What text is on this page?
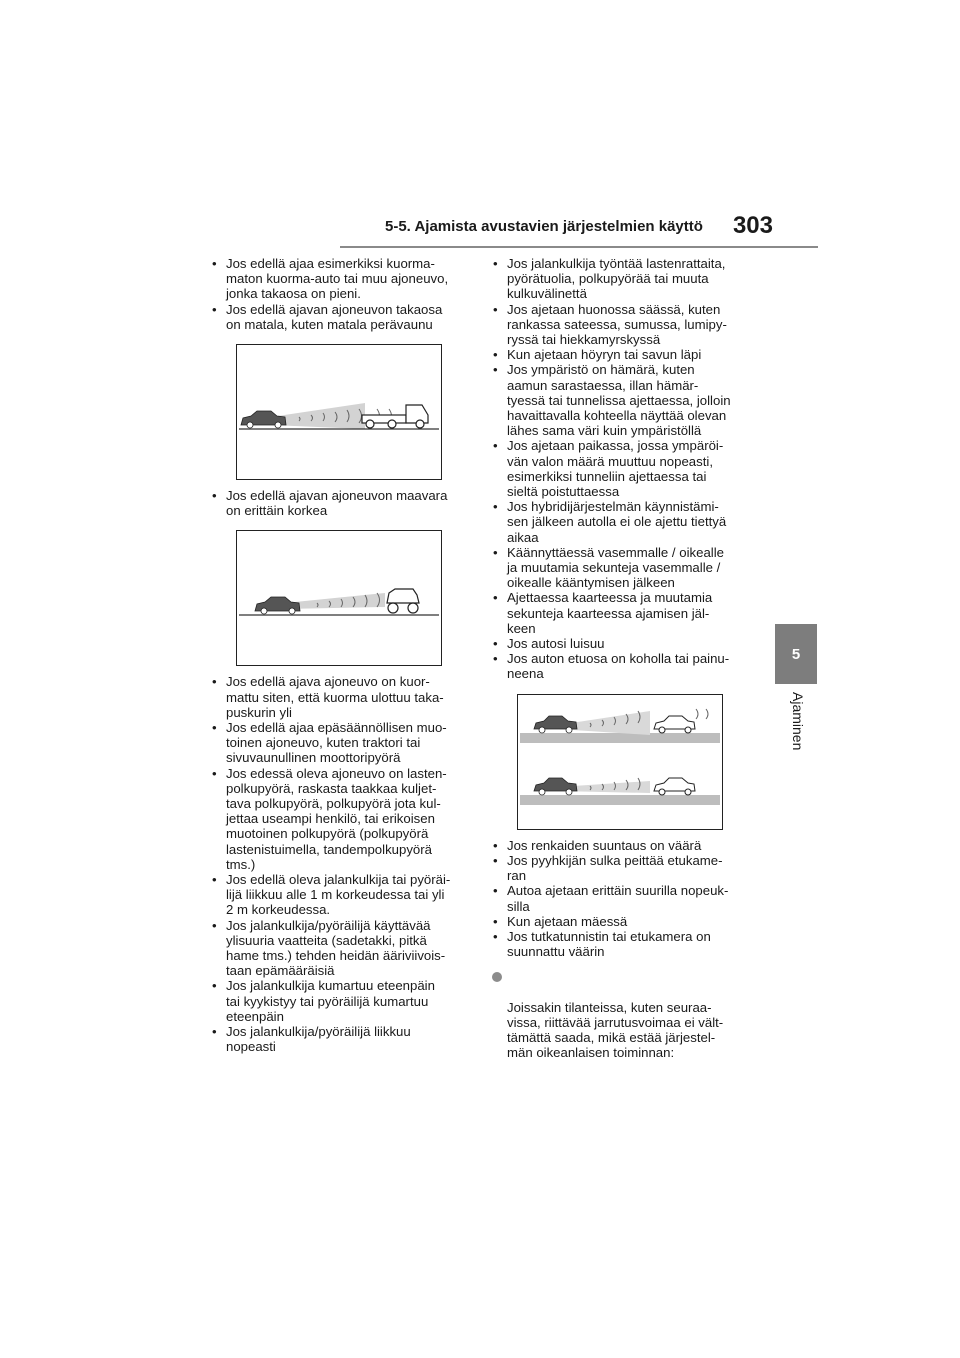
5-5. Ajamista avustavien järjestelmien käyttö 303
5
Ajaminen
• Jos edellä ajaa esimerkiksi kuorma-
maton kuorma-auto tai muu ajoneuvo,
jonka takaosa on pieni.
• Jos edellä ajavan ajoneuvon takaosa
on matala, kuten matala perävaunu
• Jos edellä ajavan ajoneuvon maavara
on erittäin korkea
• Jos edellä ajava ajoneuvo on kuor-
mattu siten, että kuorma ulottuu taka-
puskurin yli
• Jos edellä ajaa epäsäännöllisen muo-
toinen ajoneuvo, kuten traktori tai
sivuvaunullinen moottoripyörä
• Jos edessä oleva ajoneuvo on lasten-
polkupyörä, raskasta taakkaa kuljet-
tava polkupyörä, polkupyörä jota kul-
jettaa useampi henkilö, tai erikoisen
muotoinen polkupyörä (polkupyörä
lastenistuimella, tandempolkupyörä
tms.)
• Jos edellä oleva jalankulkija tai pyöräi-
lijä liikkuu alle 1 m korkeudessa tai yli
2 m korkeudessa.
• Jos jalankulkija/pyöräilijä käyttävää
ylisuuria vaatteita (sadetakki, pitkä
hame tms.) tehden heidän ääriviivois-
taan epämääräisiä
• Jos jalankulkija kumartuu eteenpäin
tai kyykistyy tai pyöräilijä kumartuu
eteenpäin
• Jos jalankulkija/pyöräilijä liikkuu
nopeasti
• Jos jalankulkija työntää lastenrattaita,
pyörätuolia, polkupyörää tai muuta
kulkuvälinettä
• Jos ajetaan huonossa säässä, kuten
rankassa sateessa, sumussa, lumipy-
ryssä tai hiekkamyrskyssä
• Kun ajetaan höyryn tai savun läpi
• Jos ympäristö on hämärä, kuten
aamun sarastaessa, illan hämär-
tyessä tai tunnelissa ajettaessa, jolloin
havaittavalla kohteella näyttää olevan
lähes sama väri kuin ympäristöllä
• Jos ajetaan paikassa, jossa ympäröi-
vän valon määrä muuttuu nopeasti,
esimerkiksi tunneliin ajettaessa tai
sieltä poistuttaessa
• Jos hybridijärjestelmän käynnistämi-
sen jälkeen autolla ei ole ajettu tiettyä
aikaa
• Käännyttäessä vasemmalle / oikealle
ja muutamia sekunteja vasemmalle /
oikealle kääntymisen jälkeen
• Ajettaessa kaarteessa ja muutamia
sekunteja kaarteessa ajamisen jäl-
keen
• Jos autosi luisuu
• Jos auton etuosa on koholla tai painu-
neena
• Jos renkaiden suuntaus on väärä
• Jos pyyhkijän sulka peittää etukame-
ran
• Autoa ajetaan erittäin suurilla nopeuk-
silla
• Kun ajetaan mäessä
• Jos tutkatunnistin tai etukamera on
suunnattu väärin

Joissakin tilanteissa, kuten seuraa-
vissa, riittävää jarrutusvoimaa ei vält-
tämättä saada, mikä estää järjestel-
män oikeanlaisen toiminnan:
